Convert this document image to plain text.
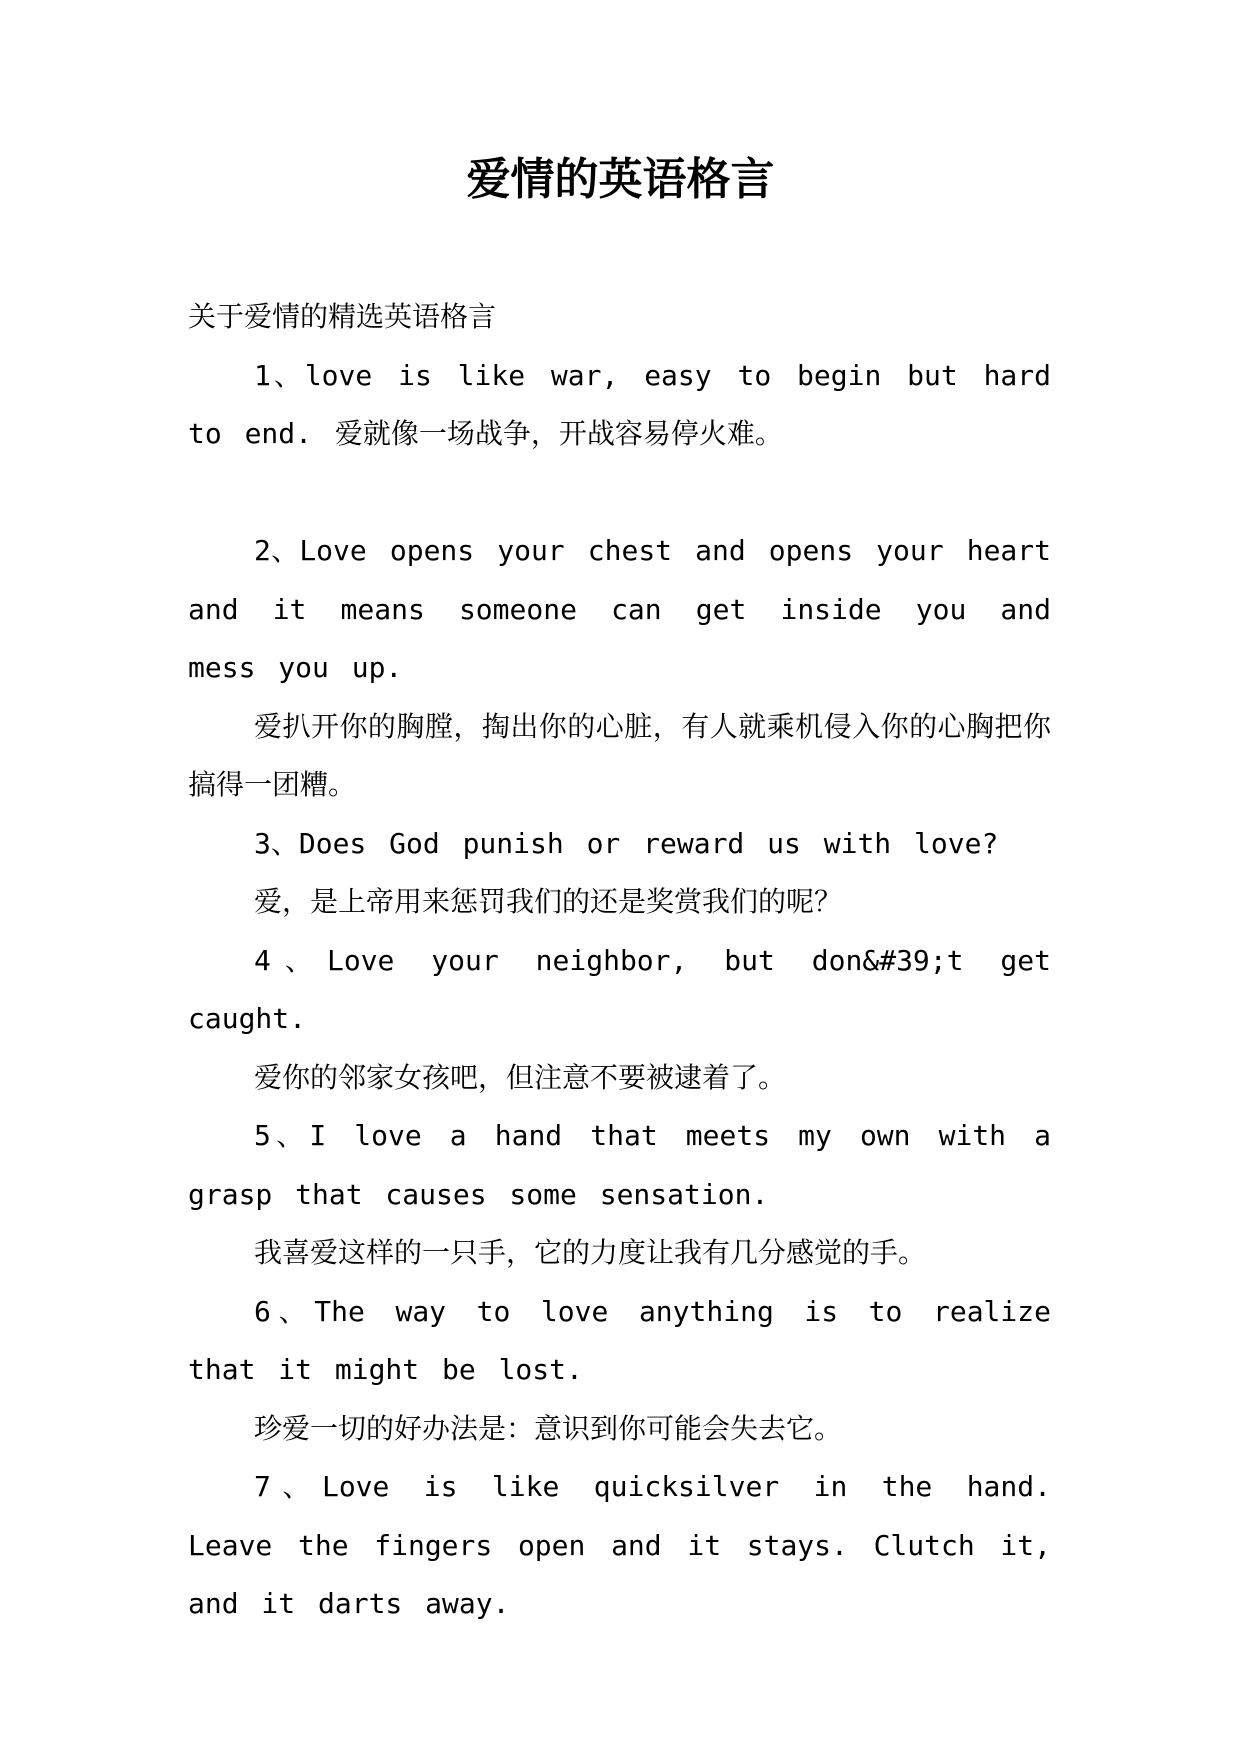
爱情的英语格言

关于爱情的精选英语格言

1、love is like war, easy to begin but hard to end. 爱就像一场战争，开战容易停火难。

2、Love opens your chest and opens your heart and it means someone can get inside you and mess you up.

爱扒开你的胸膛，掏出你的心脏，有人就乘机侵入你的心胸把你搞得一团糟。

3、Does God punish or reward us with love?

爱，是上帝用来惩罚我们的还是奖赏我们的呢？

4、Love your neighbor, but don&#39;t get caught.

爱你的邻家女孩吧，但注意不要被逮着了。

5、I love a hand that meets my own with a grasp that causes some sensation.

我喜爱这样的一只手，它的力度让我有几分感觉的手。

6、The way to love anything is to realize that it might be lost.

珍爱一切的好办法是：意识到你可能会失去它。

7、Love is like quicksilver in the hand. Leave the fingers open and it stays. Clutch it, and it darts away.
